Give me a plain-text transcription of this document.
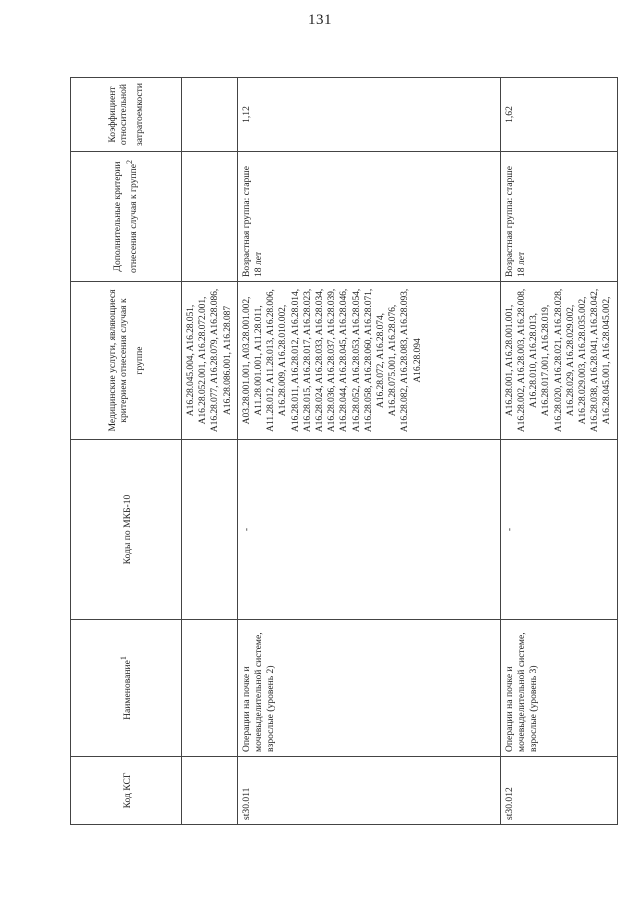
131
Код КСГ	Наименование$^1$	Коды по МКБ-10	Медицинские услуги, являющиеся критерием отнесения случая к группе	Дополнительные критерии отнесения случая к группе$^2$	Коэффициент относительной затратоемкости
			A16.28.045.004, A16.28.051, A16.28.052.001, A16.28.072.001, A16.28.077, A16.28.079, A16.28.086, A16.28.086.001, A16.28.087		
st30.011	Операции на почке и мочевыделительной системе, взрослые (уровень 2)	-	A03.28.001.001, A03.28.001.002, A11.28.001.001, A11.28.011, A11.28.012, A11.28.013, A16.28.006, A16.28.009, A16.28.010.002, A16.28.011, A16.28.012, A16.28.014, A16.28.015, A16.28.017, A16.28.023, A16.28.024, A16.28.033, A16.28.034, A16.28.036, A16.28.037, A16.28.039, A16.28.044, A16.28.045, A16.28.046, A16.28.052, A16.28.053, A16.28.054, A16.28.058, A16.28.060, A16.28.071, A16.28.072, A16.28.074, A16.28.075.001, A16.28.076, A16.28.082, A16.28.083, A16.28.093, A16.28.094	Возрастная группа: старше 18 лет	1,12
st30.012	Операции на почке и мочевыделительной системе, взрослые (уровень 3)	-	A16.28.001, A16.28.001.001, A16.28.002, A16.28.003, A16.28.008, A16.28.010, A16.28.013, A16.28.017.001, A16.28.019, A16.28.020, A16.28.021, A16.28.028, A16.28.029, A16.28.029.002, A16.28.029.003, A16.28.035.002, A16.28.038, A16.28.041, A16.28.042, A16.28.045.001, A16.28.045.002,	Возрастная группа: старше 18 лет	1,62
